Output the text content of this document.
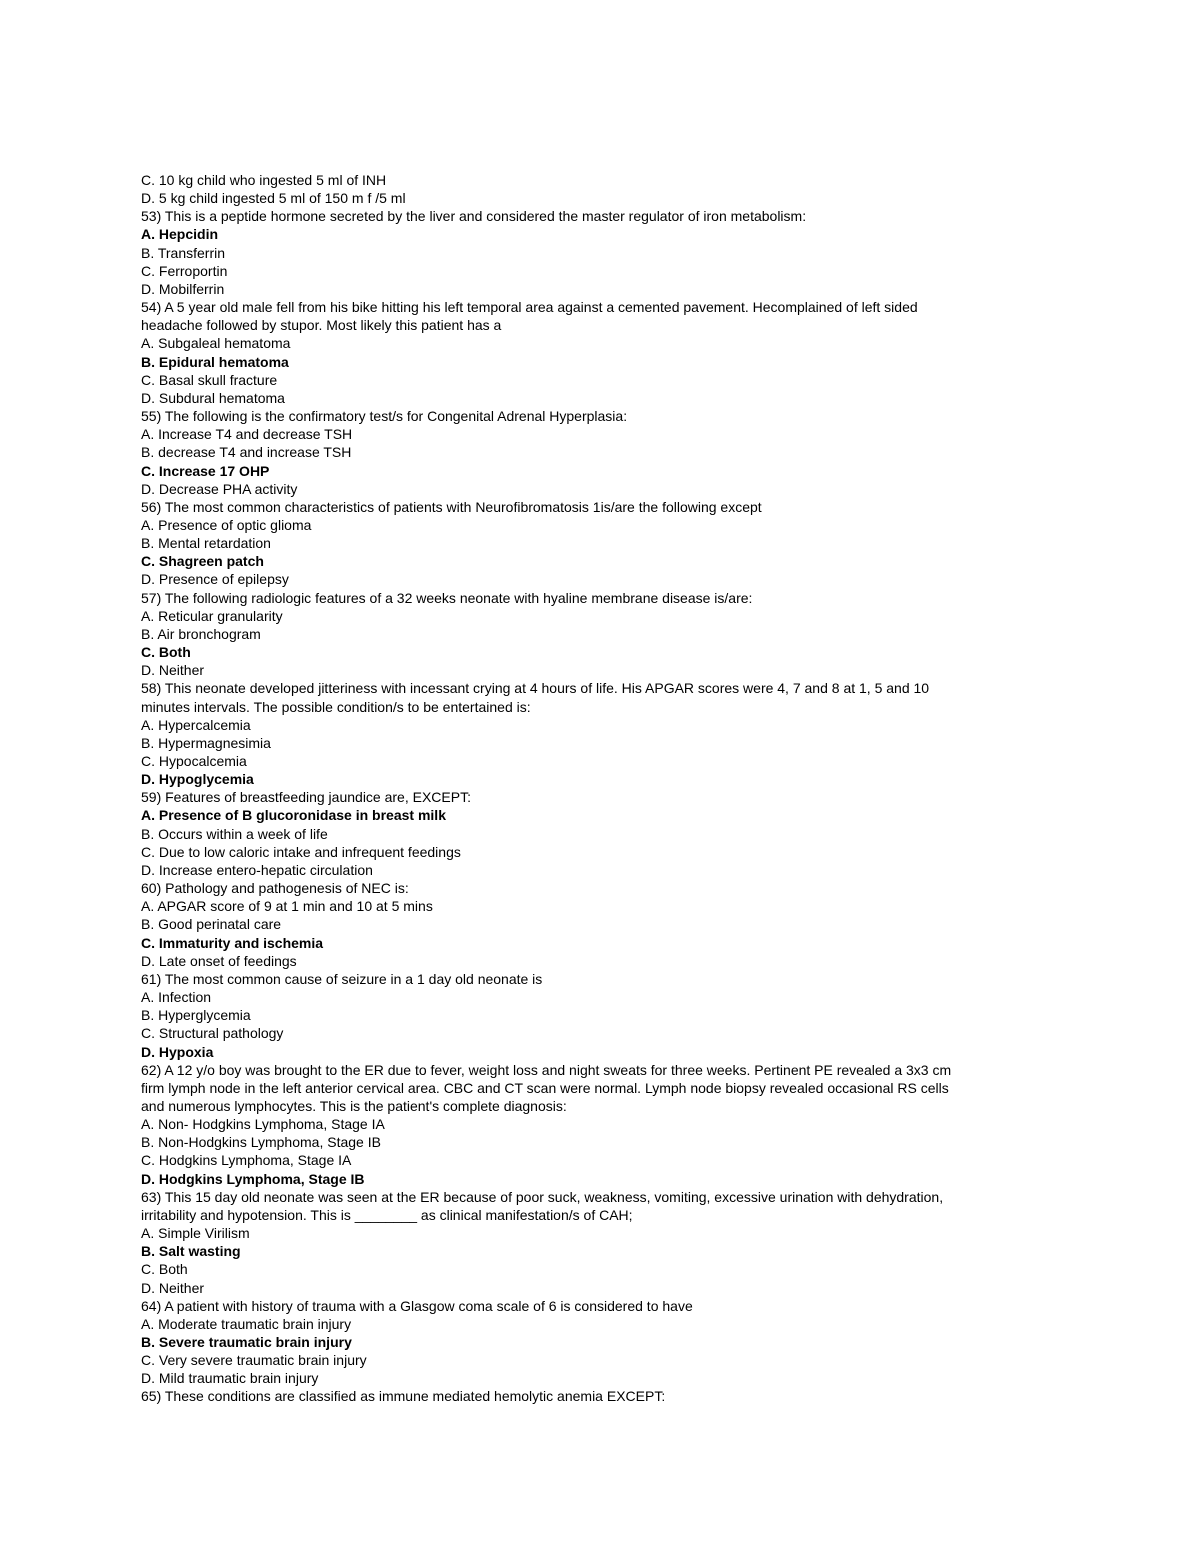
C. 10 kg child who ingested 5 ml of INH
D. 5 kg child ingested 5 ml of 150 m f /5 ml
53) This is a peptide hormone secreted by the liver and considered the master regulator of iron metabolism:
A. Hepcidin
B. Transferrin
C. Ferroportin
D. Mobilferrin
54) A 5 year old male fell from his bike hitting his left temporal area against a cemented pavement. Hecomplained of left sided
headache followed by stupor. Most likely this patient has a
A. Subgaleal hematoma
B. Epidural hematoma
C. Basal skull fracture
D. Subdural hematoma
55) The following is the confirmatory test/s for Congenital Adrenal Hyperplasia:
A. Increase T4 and decrease TSH
B. decrease T4 and increase TSH
C. Increase 17 OHP
D. Decrease PHA activity
56) The most common characteristics of patients with Neurofibromatosis 1is/are the following except
A. Presence of optic glioma
B. Mental retardation
C. Shagreen patch
D. Presence of epilepsy
57) The following radiologic features of a 32 weeks neonate with hyaline membrane disease is/are:
A. Reticular granularity
B. Air bronchogram
C. Both
D. Neither
58) This neonate developed jitteriness with incessant crying at 4 hours of life. His APGAR scores were 4, 7 and 8 at 1, 5 and 10
minutes intervals. The possible condition/s to be entertained is:
A. Hypercalcemia
B. Hypermagnesimia
C. Hypocalcemia
D. Hypoglycemia
59) Features of breastfeeding jaundice are, EXCEPT:
A. Presence of B glucoronidase in breast milk
B. Occurs within a week of life
C. Due to low caloric intake and infrequent feedings
D. Increase entero-hepatic circulation
60) Pathology and pathogenesis of NEC is:
A. APGAR score of 9 at 1 min and 10 at 5 mins
B. Good perinatal care
C. Immaturity and ischemia
D. Late onset of feedings
61) The most common cause of seizure in a 1 day old neonate is
A. Infection
B. Hyperglycemia
C. Structural pathology
D. Hypoxia
62) A 12 y/o boy was brought to the ER due to fever, weight loss and night sweats for three weeks. Pertinent PE revealed a 3x3 cm
firm lymph node in the left anterior cervical area. CBC and CT scan were normal. Lymph node biopsy revealed occasional RS cells
and numerous lymphocytes. This is the patient's complete diagnosis:
A. Non- Hodgkins Lymphoma, Stage IA
B. Non-Hodgkins Lymphoma, Stage IB
C. Hodgkins Lymphoma, Stage IA
D. Hodgkins Lymphoma, Stage IB
63) This 15 day old neonate was seen at the ER because of poor suck, weakness, vomiting, excessive urination with dehydration,
irritability and hypotension. This is ________ as clinical manifestation/s of CAH;
A. Simple Virilism
B. Salt wasting
C. Both
D. Neither
64) A patient with history of trauma with a Glasgow coma scale of 6 is considered to have
A. Moderate traumatic brain injury
B. Severe traumatic brain injury
C. Very severe traumatic brain injury
D. Mild traumatic brain injury
65) These conditions are classified as immune mediated hemolytic anemia EXCEPT:
